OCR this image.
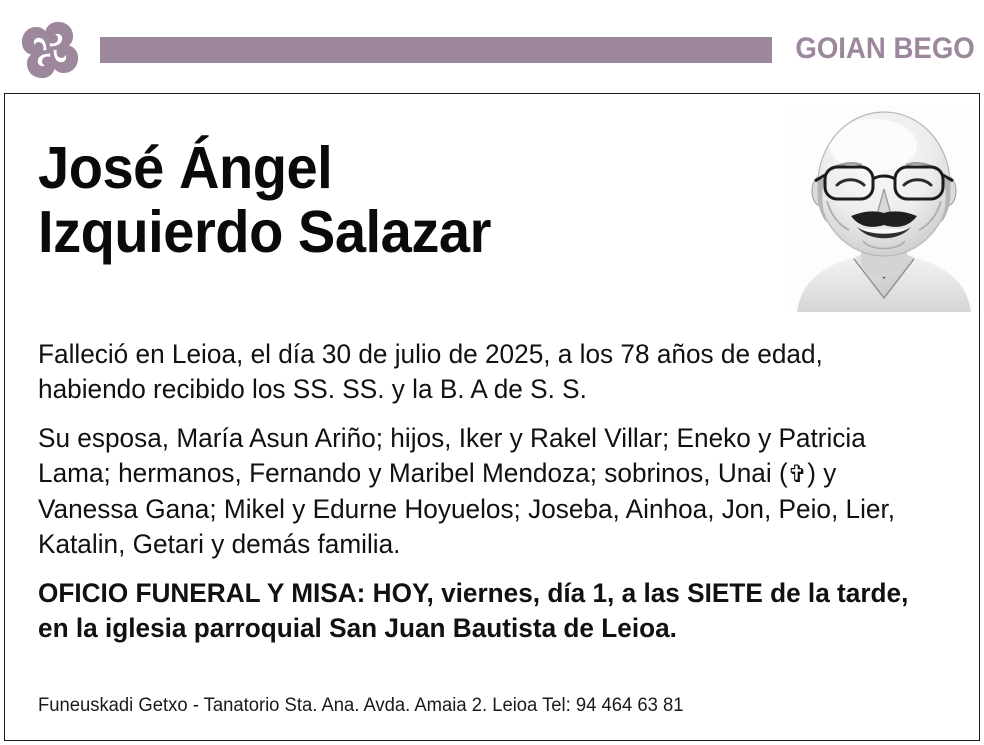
GOIAN BEGO
José Ángel
Izquierdo Salazar

Falleció en Leioa, el día 30 de julio de 2025, a los 78 años de edad, habiendo recibido los SS. SS. y la B. A de S. S.

Su esposa, María Asun Ariño; hijos, Iker y Rakel Villar; Eneko y Patricia Lama; hermanos, Fernando y Maribel Mendoza; sobrinos, Unai (✞) y Vanessa Gana; Mikel y Edurne Hoyuelos; Joseba, Ainhoa, Jon, Peio, Lier, Katalin, Getari y demás familia.

OFICIO FUNERAL Y MISA: HOY, viernes, día 1, a las SIETE de la tarde, en la iglesia parroquial San Juan Bautista de Leioa.

Funeuskadi Getxo - Tanatorio Sta. Ana. Avda. Amaia 2. Leioa Tel: 94 464 63 81
